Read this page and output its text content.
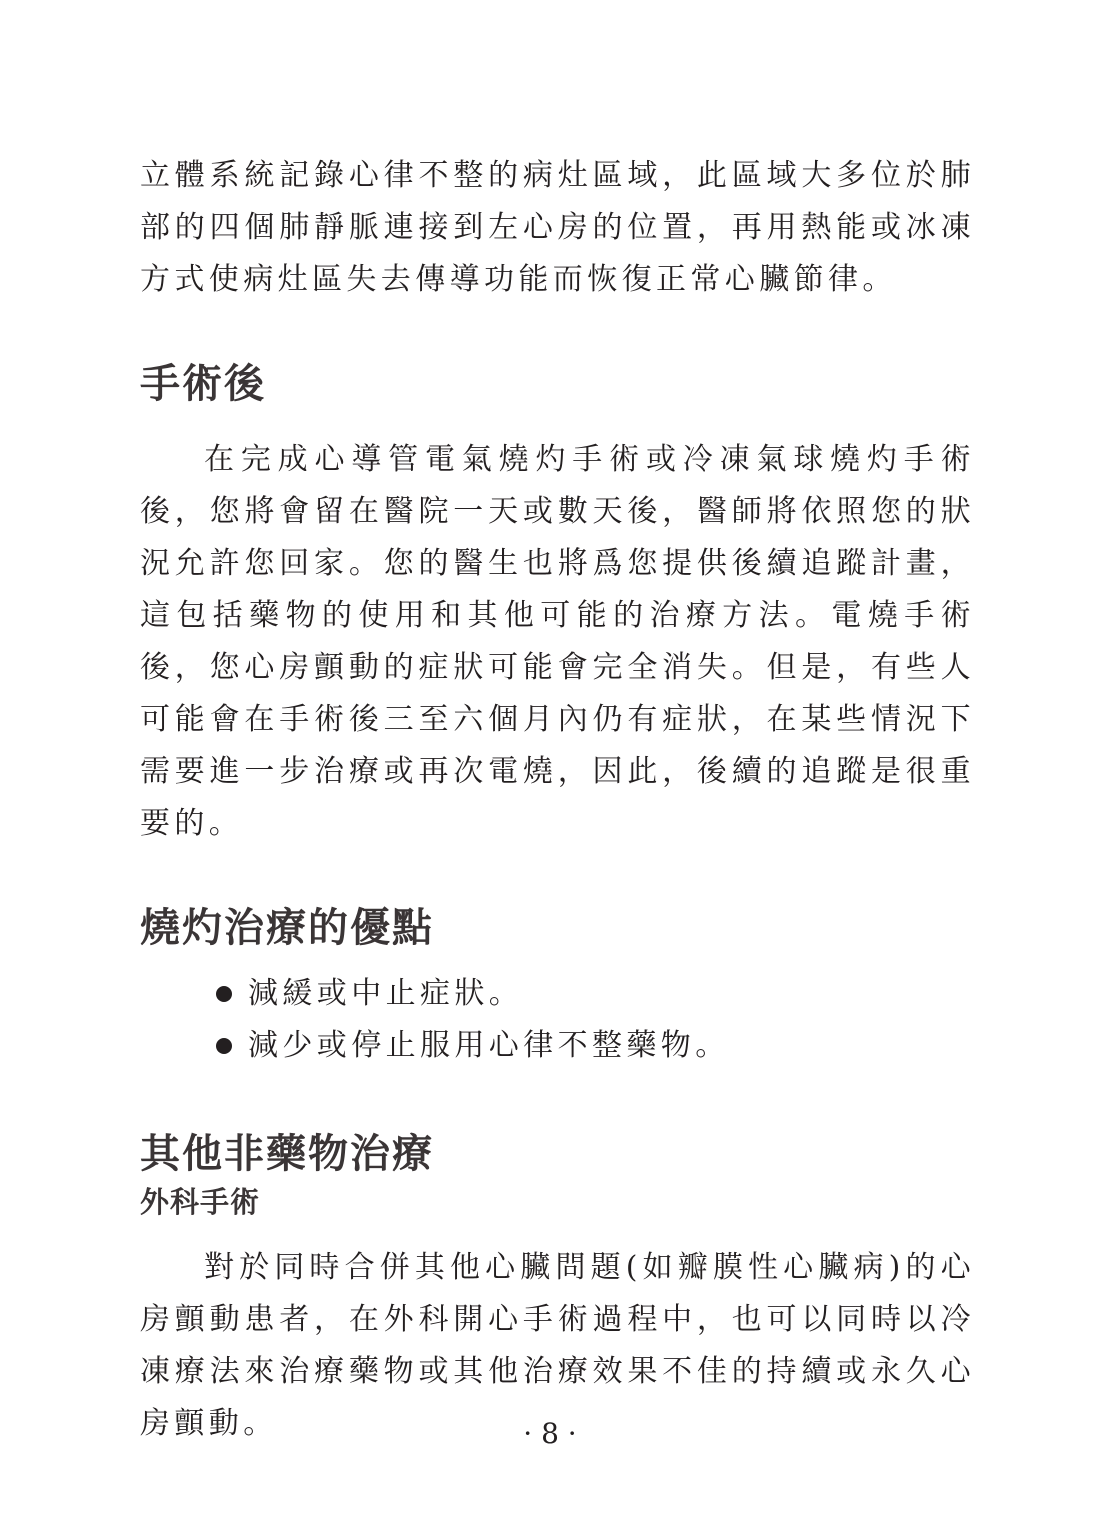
立體系統記錄心律不整的病灶區域，此區域大多位於肺部的四個肺靜脈連接到左心房的位置，再用熱能或冰凍方式使病灶區失去傳導功能而恢復正常心臟節律。

手術後

在完成心導管電氣燒灼手術或冷凍氣球燒灼手術後，您將會留在醫院一天或數天後，醫師將依照您的狀況允許您回家。您的醫生也將爲您提供後續追蹤計畫，這包括藥物的使用和其他可能的治療方法。電燒手術後，您心房顫動的症狀可能會完全消失。但是，有些人可能會在手術後三至六個月內仍有症狀，在某些情況下需要進一步治療或再次電燒，因此，後續的追蹤是很重要的。

燒灼治療的優點
減緩或中止症狀。
減少或停止服用心律不整藥物。
其他非藥物治療
外科手術

對於同時合併其他心臟問題(如瓣膜性心臟病)的心房顫動患者，在外科開心手術過程中，也可以同時以冷凍療法來治療藥物或其他治療效果不佳的持續或永久心房顫動。	· 8 ·
